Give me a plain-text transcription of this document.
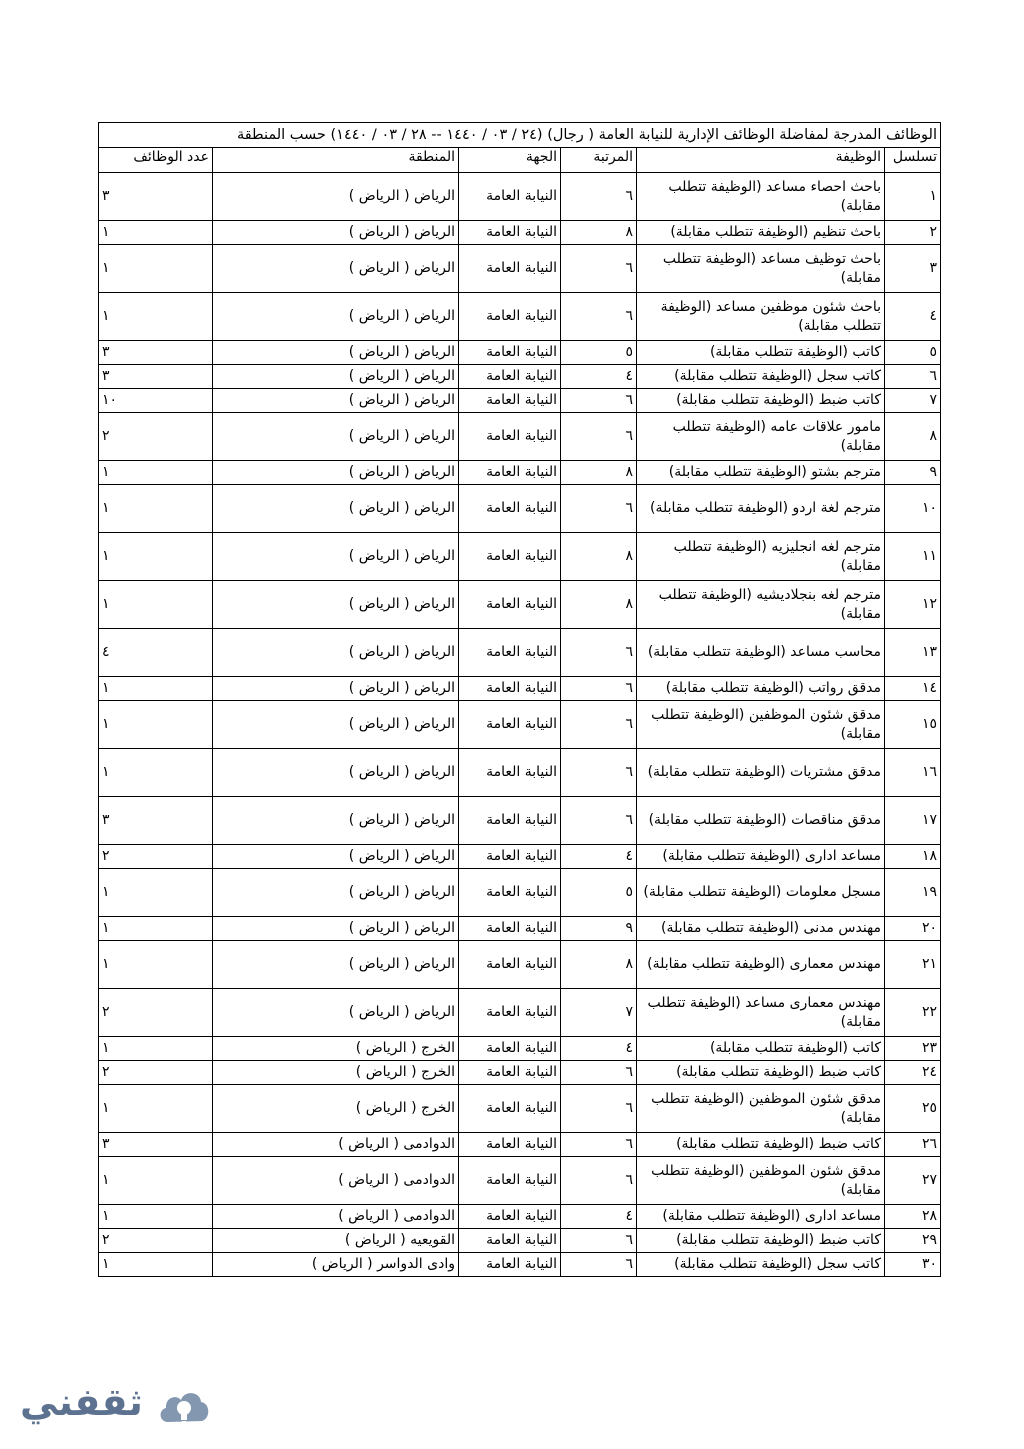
الوظائف المدرجة لمفاضلة الوظائف الإدارية للنيابة العامة ( رجال) (٢٤ / ٠٣ / ١٤٤٠ -- ٢٨ / ٠٣ / ١٤٤٠) حسب المنطقة					
تسلسل	الوظيفة	المرتبة	الجهة	المنطقة	عدد الوظائف
١	باحث احصاء مساعد (الوظيفة تتطلب مقابلة)	٦	النيابة العامة	الرياض ( الرياض )	٣
٢	باحث تنظيم (الوظيفة تتطلب مقابلة)	٨	النيابة العامة	الرياض ( الرياض )	١
٣	باحث توظيف مساعد (الوظيفة تتطلب مقابلة)	٦	النيابة العامة	الرياض ( الرياض )	١
٤	باحث شئون موظفين مساعد (الوظيفة تتطلب مقابلة)	٦	النيابة العامة	الرياض ( الرياض )	١
٥	كاتب (الوظيفة تتطلب مقابلة)	٥	النيابة العامة	الرياض ( الرياض )	٣
٦	كاتب سجل (الوظيفة تتطلب مقابلة)	٤	النيابة العامة	الرياض ( الرياض )	٣
٧	كاتب ضبط (الوظيفة تتطلب مقابلة)	٦	النيابة العامة	الرياض ( الرياض )	١٠
٨	مامور علاقات عامه (الوظيفة تتطلب مقابلة)	٦	النيابة العامة	الرياض ( الرياض )	٢
٩	مترجم بشتو (الوظيفة تتطلب مقابلة)	٨	النيابة العامة	الرياض ( الرياض )	١
١٠	مترجم لغة اردو (الوظيفة تتطلب مقابلة)	٦	النيابة العامة	الرياض ( الرياض )	١
١١	مترجم لغه انجليزيه (الوظيفة تتطلب مقابلة)	٨	النيابة العامة	الرياض ( الرياض )	١
١٢	مترجم لغه بنجلاديشيه (الوظيفة تتطلب مقابلة)	٨	النيابة العامة	الرياض ( الرياض )	١
١٣	محاسب مساعد (الوظيفة تتطلب مقابلة)	٦	النيابة العامة	الرياض ( الرياض )	٤
١٤	مدقق رواتب (الوظيفة تتطلب مقابلة)	٦	النيابة العامة	الرياض ( الرياض )	١
١٥	مدقق شئون الموظفين (الوظيفة تتطلب مقابلة)	٦	النيابة العامة	الرياض ( الرياض )	١
١٦	مدقق مشتريات (الوظيفة تتطلب مقابلة)	٦	النيابة العامة	الرياض ( الرياض )	١
١٧	مدقق مناقصات (الوظيفة تتطلب مقابلة)	٦	النيابة العامة	الرياض ( الرياض )	٣
١٨	مساعد ادارى (الوظيفة تتطلب مقابلة)	٤	النيابة العامة	الرياض ( الرياض )	٢
١٩	مسجل معلومات (الوظيفة تتطلب مقابلة)	٥	النيابة العامة	الرياض ( الرياض )	١
٢٠	مهندس مدنى (الوظيفة تتطلب مقابلة)	٩	النيابة العامة	الرياض ( الرياض )	١
٢١	مهندس معمارى (الوظيفة تتطلب مقابلة)	٨	النيابة العامة	الرياض ( الرياض )	١
٢٢	مهندس معمارى مساعد (الوظيفة تتطلب مقابلة)	٧	النيابة العامة	الرياض ( الرياض )	٢
٢٣	كاتب (الوظيفة تتطلب مقابلة)	٤	النيابة العامة	الخرج ( الرياض )	١
٢٤	كاتب ضبط (الوظيفة تتطلب مقابلة)	٦	النيابة العامة	الخرج ( الرياض )	٢
٢٥	مدقق شئون الموظفين (الوظيفة تتطلب مقابلة)	٦	النيابة العامة	الخرج ( الرياض )	١
٢٦	كاتب ضبط (الوظيفة تتطلب مقابلة)	٦	النيابة العامة	الدوادمى ( الرياض )	٣
٢٧	مدقق شئون الموظفين (الوظيفة تتطلب مقابلة)	٦	النيابة العامة	الدوادمى ( الرياض )	١
٢٨	مساعد ادارى (الوظيفة تتطلب مقابلة)	٤	النيابة العامة	الدوادمى ( الرياض )	١
٢٩	كاتب ضبط (الوظيفة تتطلب مقابلة)	٦	النيابة العامة	القويعيه ( الرياض )	٢
٣٠	كاتب سجل (الوظيفة تتطلب مقابلة)	٦	النيابة العامة	وادى الدواسر ( الرياض )	١
ثقفني
